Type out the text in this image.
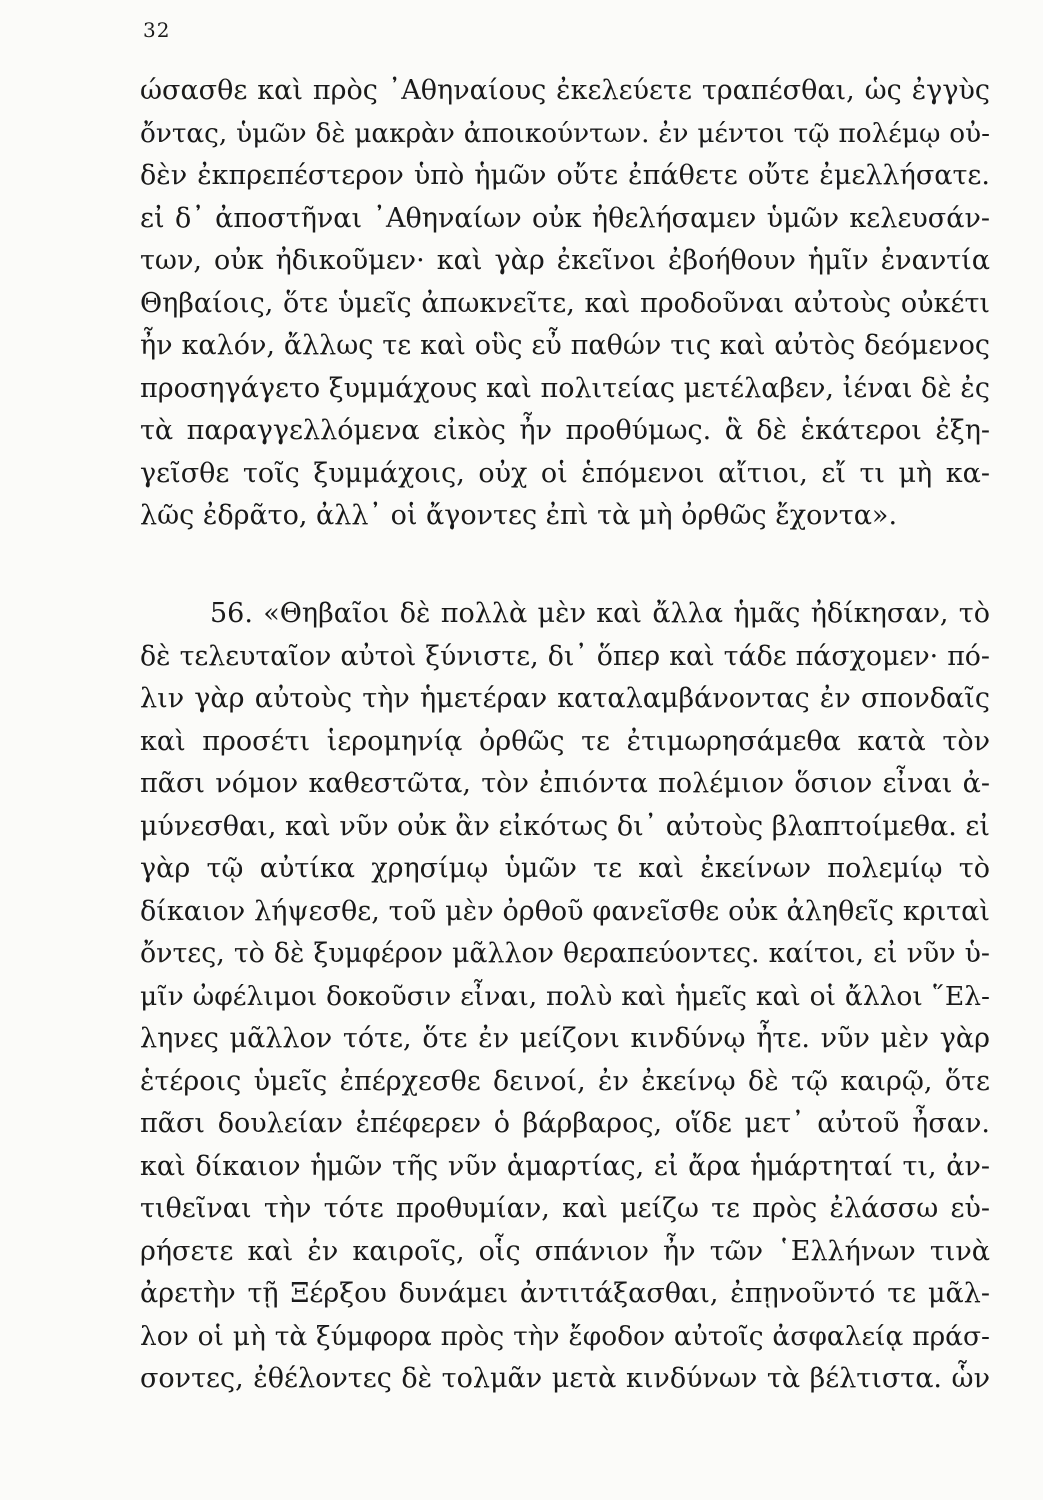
32
ώσασθε καὶ πρὸς ᾽Αθηναίους ἐκελεύετε τραπέσθαι, ὡς ἐγγὺς
ὄντας, ὑμῶν δὲ μακρὰν ἀποικούντων. ἐν μέντοι τῷ πολέμῳ οὐ-
δὲν ἐκπρεπέστερον ὑπὸ ἡμῶν οὔτε ἐπάθετε οὔτε ἐμελλήσατε.
εἰ δ᾽ ἀποστῆναι ᾽Αθηναίων οὐκ ἠθελήσαμεν ὑμῶν κελευσάν-
των, οὐκ ἠδικοῦμεν· καὶ γὰρ ἐκεῖνοι ἐβοήθουν ἡμῖν ἐναντία
Θηβαίοις, ὅτε ὑμεῖς ἀπωκνεῖτε, καὶ προδοῦναι αὐτοὺς οὐκέτι
ἦν καλόν, ἄλλως τε καὶ οὓς εὖ παθών τις καὶ αὐτὸς δεόμενος
προσηγάγετο ξυμμάχους καὶ πολιτείας μετέλαβεν, ἰέναι δὲ ἐς
τὰ παραγγελλόμενα εἰκὸς ἦν προθύμως. ἃ δὲ ἑκάτεροι ἐξη-
γεῖσθε τοῖς ξυμμάχοις, οὐχ οἱ ἑπόμενοι αἴτιοι, εἴ τι μὴ κα-
λῶς ἐδρᾶτο, ἀλλ᾽ οἱ ἄγοντες ἐπὶ τὰ μὴ ὀρθῶς ἔχοντα».
56. «Θηβαῖοι δὲ πολλὰ μὲν καὶ ἄλλα ἡμᾶς ἠδίκησαν, τὸ
δὲ τελευταῖον αὐτοὶ ξύνιστε, δι᾽ ὅπερ καὶ τάδε πάσχομεν· πό-
λιν γὰρ αὐτοὺς τὴν ἡμετέραν καταλαμβάνοντας ἐν σπονδαῖς
καὶ προσέτι ἱερομηνίᾳ ὀρθῶς τε ἐτιμωρησάμεθα κατὰ τὸν
πᾶσι νόμον καθεστῶτα, τὸν ἐπιόντα πολέμιον ὅσιον εἶναι ἀ-
μύνεσθαι, καὶ νῦν οὐκ ἂν εἰκότως δι᾽ αὐτοὺς βλαπτοίμεθα. εἰ
γὰρ τῷ αὐτίκα χρησίμῳ ὑμῶν τε καὶ ἐκείνων πολεμίῳ τὸ
δίκαιον λήψεσθε, τοῦ μὲν ὀρθοῦ φανεῖσθε οὐκ ἀληθεῖς κριταὶ
ὄντες, τὸ δὲ ξυμφέρον μᾶλλον θεραπεύοντες. καίτοι, εἰ νῦν ὑ-
μῖν ὠφέλιμοι δοκοῦσιν εἶναι, πολὺ καὶ ἡμεῖς καὶ οἱ ἄλλοι ῞Ελ-
ληνες μᾶλλον τότε, ὅτε ἐν μείζονι κινδύνῳ ἦτε. νῦν μὲν γὰρ
ἑτέροις ὑμεῖς ἐπέρχεσθε δεινοί, ἐν ἐκείνῳ δὲ τῷ καιρῷ, ὅτε
πᾶσι δουλείαν ἐπέφερεν ὁ βάρβαρος, οἵδε μετ᾽ αὐτοῦ ἦσαν.
καὶ δίκαιον ἡμῶν τῆς νῦν ἁμαρτίας, εἰ ἄρα ἡμάρτηταί τι, ἀν-
τιθεῖναι τὴν τότε προθυμίαν, καὶ μείζω τε πρὸς ἐλάσσω εὑ-
ρήσετε καὶ ἐν καιροῖς, οἷς σπάνιον ἦν τῶν ῾Ελλήνων τινὰ
ἀρετὴν τῇ Ξέρξου δυνάμει ἀντιτάξασθαι, ἐπῃνοῦντό τε μᾶλ-
λον οἱ μὴ τὰ ξύμφορα πρὸς τὴν ἔφοδον αὐτοῖς ἀσφαλείᾳ πράσ-
σοντες, ἐθέλοντες δὲ τολμᾶν μετὰ κινδύνων τὰ βέλτιστα. ὧν
